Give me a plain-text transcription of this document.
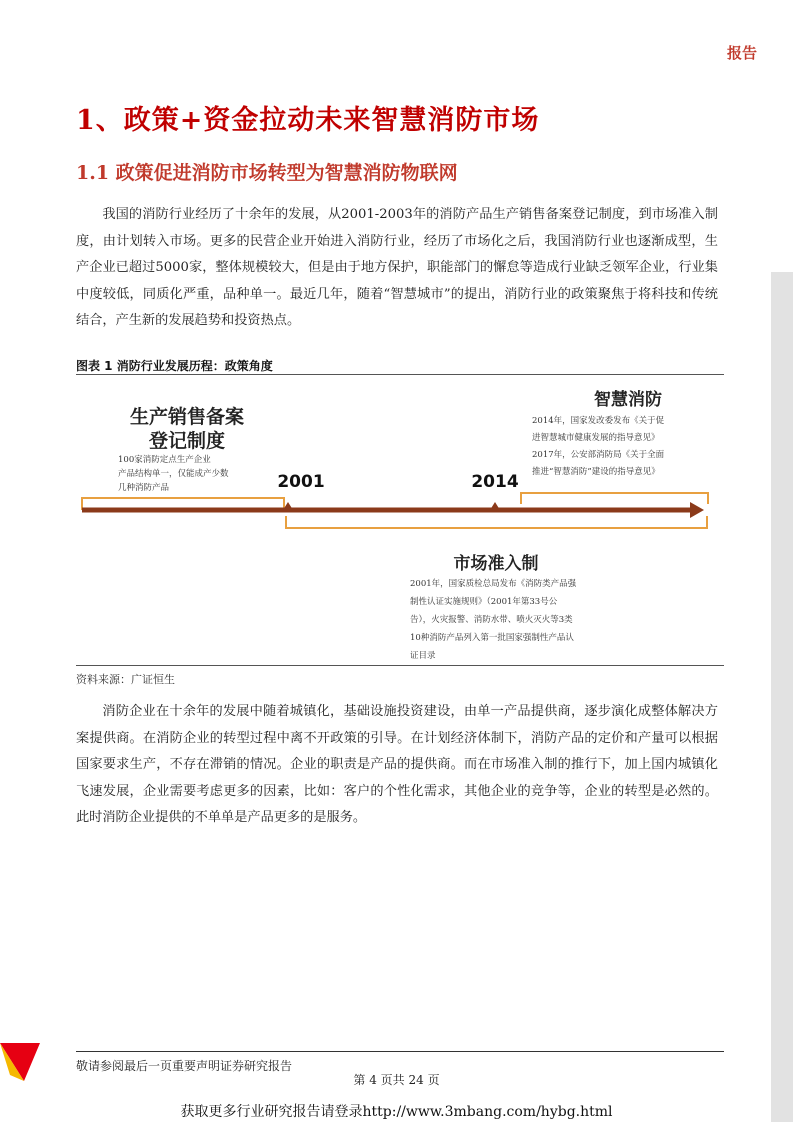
报告
1、政策+资金拉动未来智慧消防市场
1.1 政策促进消防市场转型为智慧消防物联网
我国的消防行业经历了十余年的发展，从2001-2003年的消防产品生产销售备案登记制度，到市场准入制度，由计划转入市场。更多的民营企业开始进入消防行业，经历了市场化之后，我国消防行业也逐渐成型，生产企业已超过5000家，整体规模较大，但是由于地方保护，职能部门的懈怠等造成行业缺乏领军企业，行业集中度较低，同质化严重，品种单一。最近几年，随着“智慧城市”的提出，消防行业的政策聚焦于将科技和传统结合，产生新的发展趋势和投资热点。
图表 1 消防行业发展历程：政策角度
生产销售备案
登记制度
100家消防定点生产企业
产品结构单一，仅能成产少数
几种消防产品	2001	2014
智慧消防
2014年，国家发改委发布《关于促
进智慧城市健康发展的指导意见》
2017年，公安部消防局《关于全面
推进“智慧消防”建设的指导意见》
市场准入制
2001年，国家质检总局发布《消防类产品强
制性认证实施规则》（2001年第33号公
告），火灾报警、消防水带、喷火灭火等3类
10种消防产品列入第一批国家强制性产品认
证目录
资料来源：广证恒生
消防企业在十余年的发展中随着城镇化，基础设施投资建设，由单一产品提供商，逐步演化成整体解决方案提供商。在消防企业的转型过程中离不开政策的引导。在计划经济体制下，消防产品的定价和产量可以根据国家要求生产，不存在滞销的情况。企业的职责是产品的提供商。而在市场准入制的推行下，加上国内城镇化飞速发展，企业需要考虑更多的因素，比如：客户的个性化需求，其他企业的竞争等，企业的转型是必然的。此时消防企业提供的不单单是产品更多的是服务。
敬请参阅最后一页重要声明证券研究报告
第 4 页共 24 页
获取更多行业研究报告请登录http://www.3mbang.com/hybg.html
